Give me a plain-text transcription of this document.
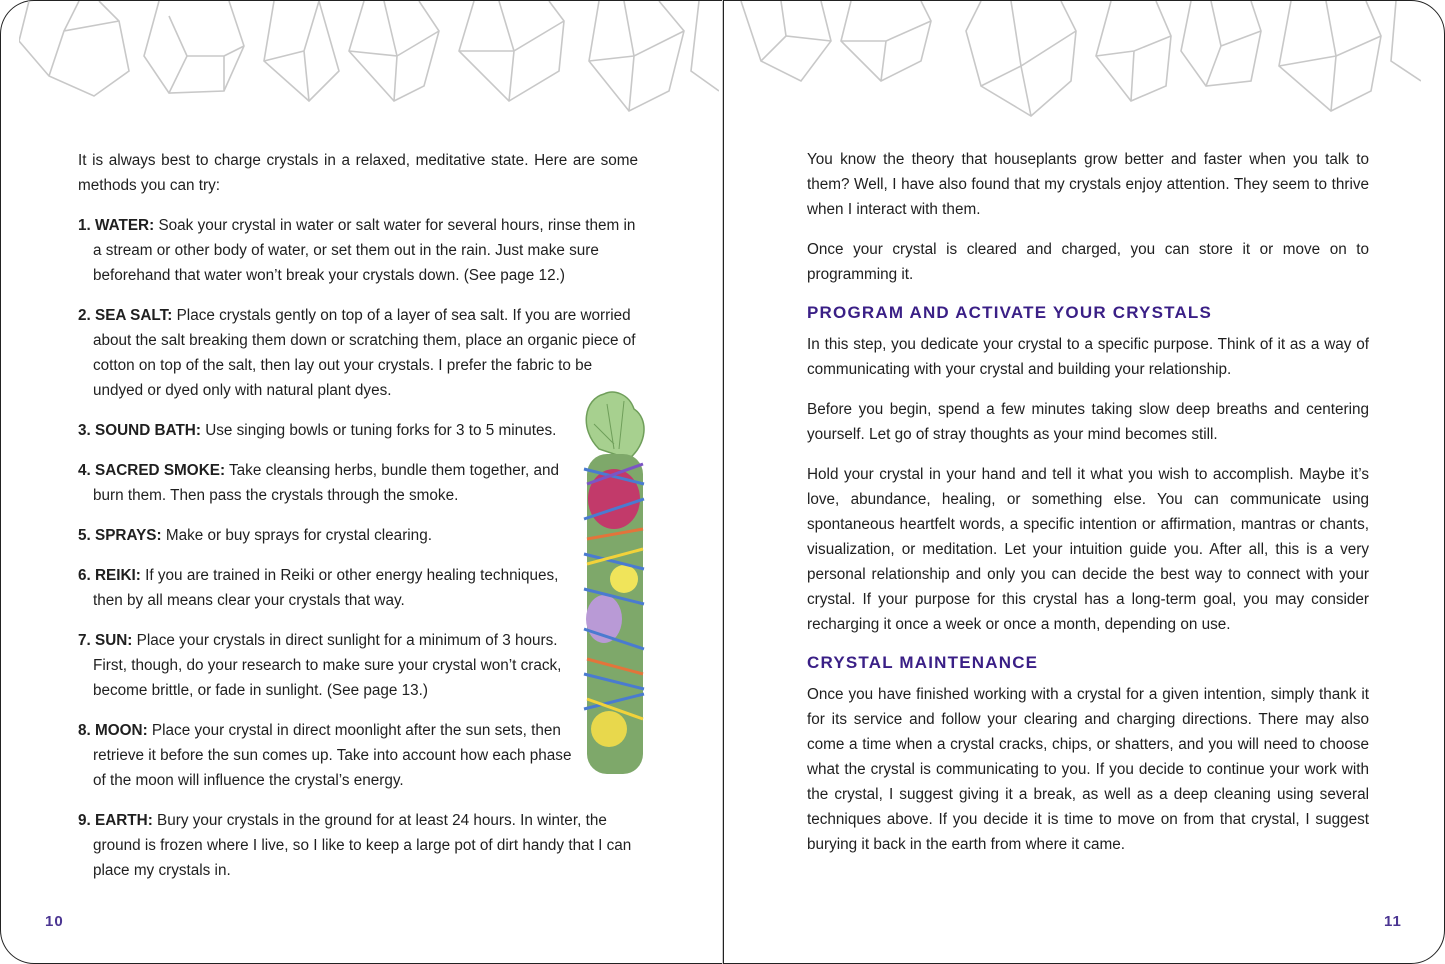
It is always best to charge crystals in a relaxed, meditative state. Here are some methods you can try:

1. WATER: Soak your crystal in water or salt water for several hours, rinse them in a stream or other body of water, or set them out in the rain. Just make sure beforehand that water won’t break your crystals down. (See page 12.)
2. SEA SALT: Place crystals gently on top of a layer of sea salt. If you are worried about the salt breaking them down or scratching them, place an organic piece of cotton on top of the salt, then lay out your crystals. I prefer the fabric to be undyed or dyed only with natural plant dyes.
3. SOUND BATH: Use singing bowls or tuning forks for 3 to 5 minutes.
4. SACRED SMOKE: Take cleansing herbs, bundle them together, and burn them. Then pass the crystals through the smoke.
5. SPRAYS: Make or buy sprays for crystal clearing.
6. REIKI: If you are trained in Reiki or other energy healing techniques, then by all means clear your crystals that way.
7. SUN: Place your crystals in direct sunlight for a minimum of 3 hours. First, though, do your research to make sure your crystal won’t crack, become brittle, or fade in sunlight. (See page 13.)
8. MOON: Place your crystal in direct moonlight after the sun sets, then retrieve it before the sun comes up. Take into account how each phase of the moon will influence the crystal’s energy.
9. EARTH: Bury your crystals in the ground for at least 24 hours. In winter, the ground is frozen where I live, so I like to keep a large pot of dirt handy that I can place my crystals in.
10	11

You know the theory that houseplants grow better and faster when you talk to them? Well, I have also found that my crystals enjoy attention. They seem to thrive when I interact with them.

Once your crystal is cleared and charged, you can store it or move on to programming it.

PROGRAM AND ACTIVATE YOUR CRYSTALS

In this step, you dedicate your crystal to a specific purpose. Think of it as a way of communicating with your crystal and building your relationship.

Before you begin, spend a few minutes taking slow deep breaths and centering yourself. Let go of stray thoughts as your mind becomes still.

Hold your crystal in your hand and tell it what you wish to accomplish. Maybe it’s love, abundance, healing, or something else. You can communicate using spontaneous heartfelt words, a specific intention or affirmation, mantras or chants, visualization, or meditation. Let your intuition guide you. After all, this is a very personal relationship and only you can decide the best way to connect with your crystal. If your purpose for this crystal has a long-term goal, you may consider recharging it once a week or once a month, depending on use.

CRYSTAL MAINTENANCE

Once you have finished working with a crystal for a given intention, simply thank it for its service and follow your clearing and charging directions. There may also come a time when a crystal cracks, chips, or shatters, and you will need to choose what the crystal is communicating to you. If you decide to continue your work with the crystal, I suggest giving it a break, as well as a deep cleaning using several techniques above. If you decide it is time to move on from that crystal, I suggest burying it back in the earth from where it came.
